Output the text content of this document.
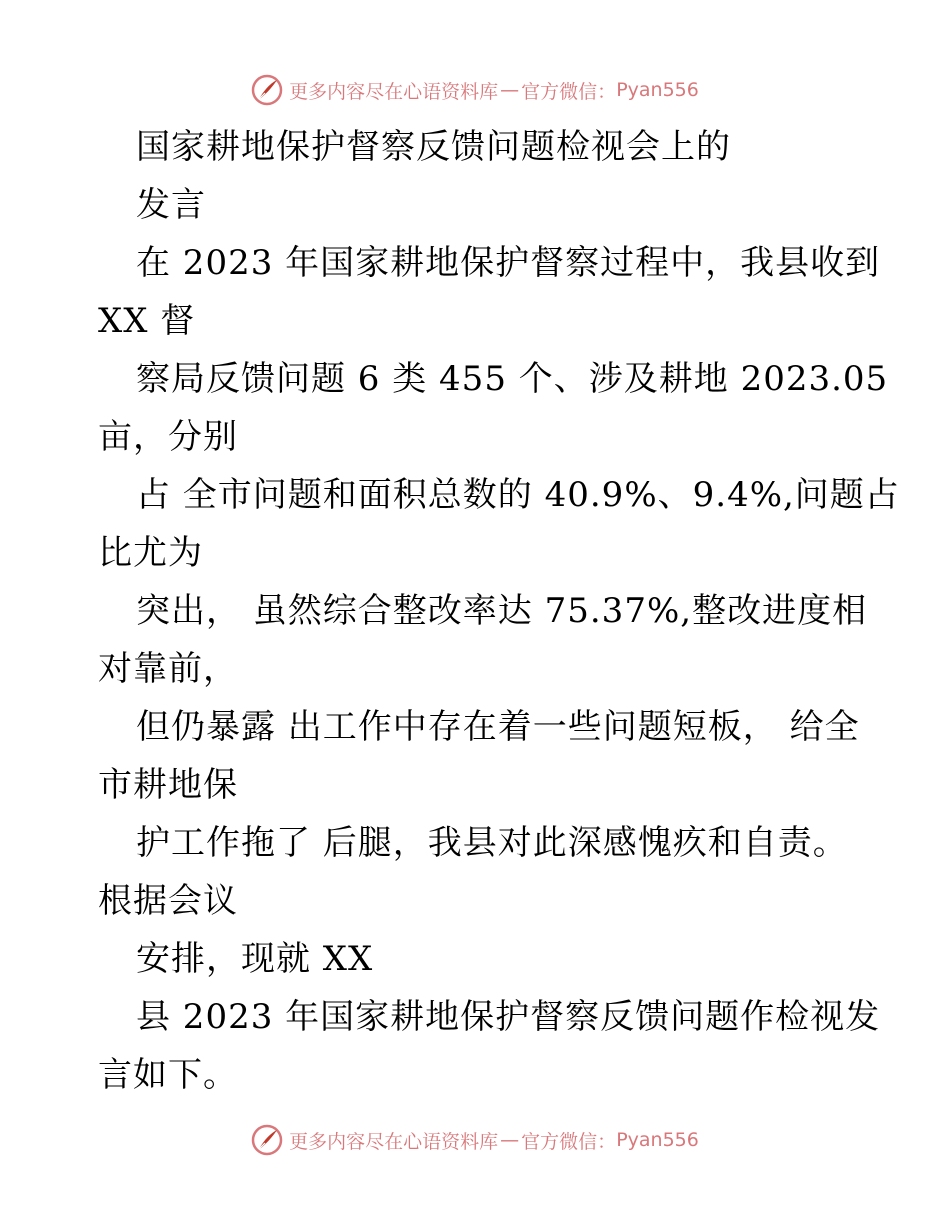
更多内容尽在心语资料库 — 官方微信： Pyan556
国家耕地保护督察反馈问题检视会上的
发言
在 2023 年国家耕地保护督察过程中，我县收到
XX 督
察局反馈问题 6 类 455 个、涉及耕地 2023.05
亩，分别
占 全市问题和面积总数的 40.9%、9.4%,问题占
比尤为
突出， 虽然综合整改率达 75.37%,整改进度相
对靠前，
但仍暴露 出工作中存在着一些问题短板， 给全
市耕地保
护工作拖了 后腿，我县对此深感愧疚和自责。
根据会议
安排，现就 XX
县 2023 年国家耕地保护督察反馈问题作检视发
言如下。
更多内容尽在心语资料库 — 官方微信： Pyan556
